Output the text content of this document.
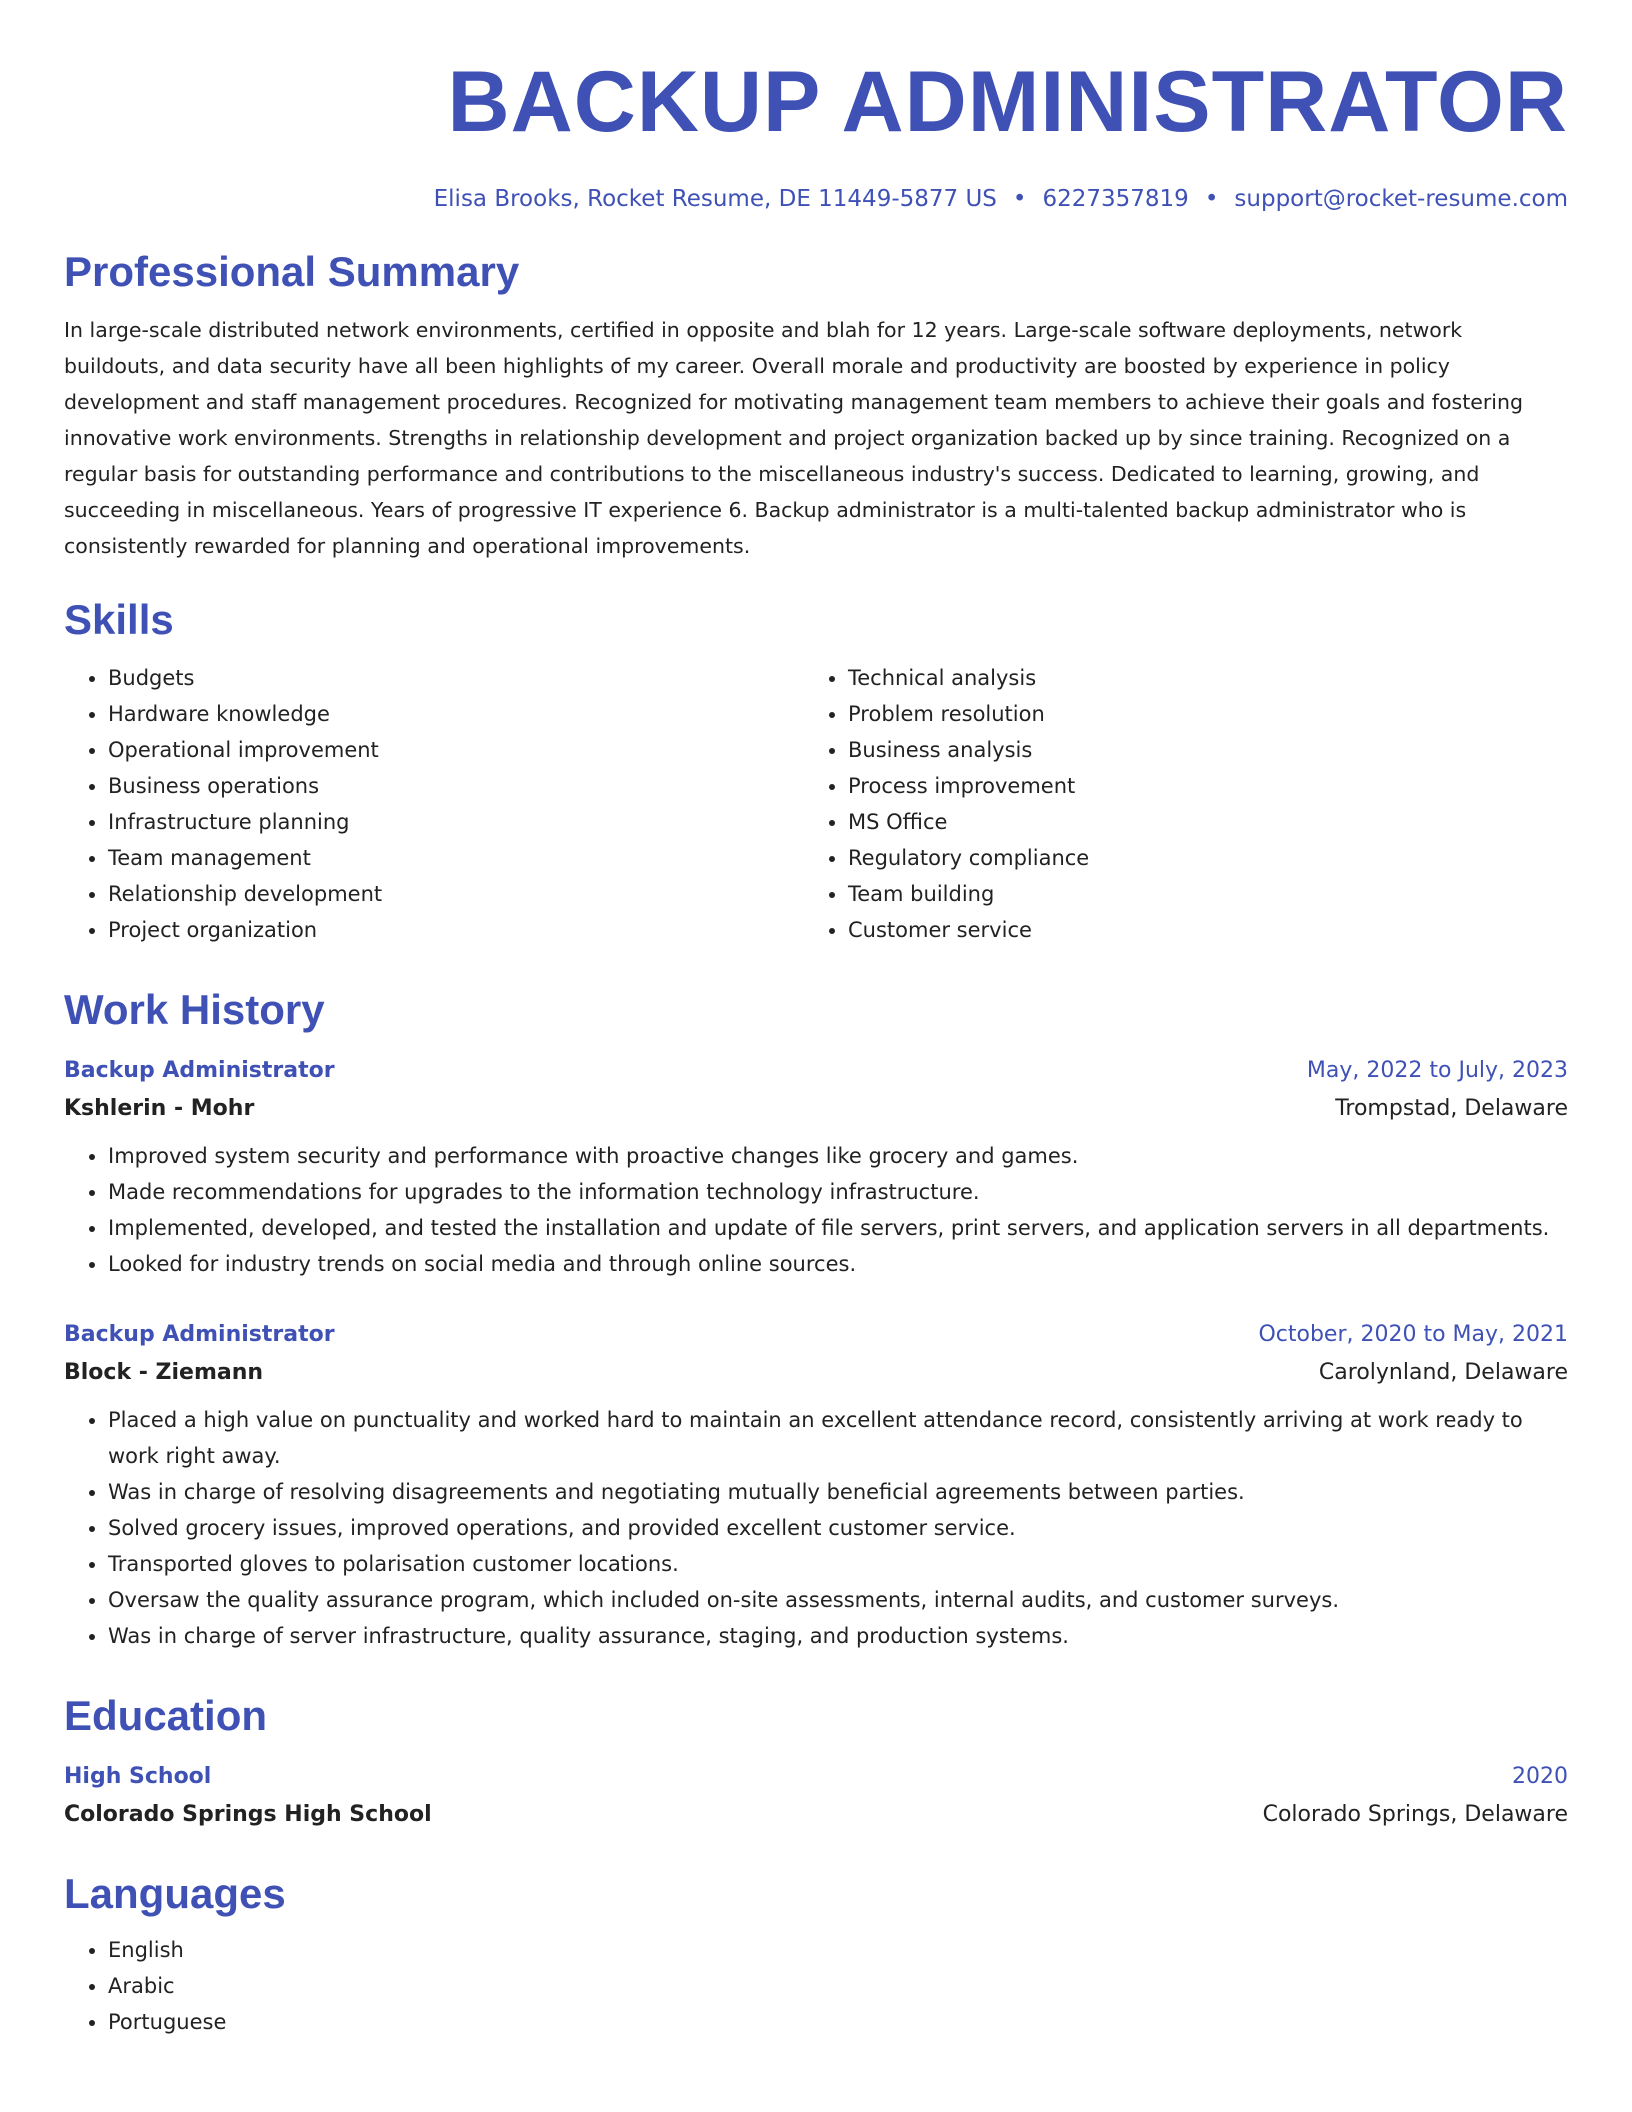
BACKUP ADMINISTRATOR
Elisa Brooks, Rocket Resume, DE 11449-5877 US • 6227357819 • support@rocket-resume.com
Professional Summary

In large-scale distributed network environments, certified in opposite and blah for 12 years. Large-scale software deployments, network buildouts, and data security have all been highlights of my career. Overall morale and productivity are boosted by experience in policy development and staff management procedures. Recognized for motivating management team members to achieve their goals and fostering innovative work environments. Strengths in relationship development and project organization backed up by since training. Recognized on a regular basis for outstanding performance and contributions to the miscellaneous industry's success. Dedicated to learning, growing, and succeeding in miscellaneous. Years of progressive IT experience 6. Backup administrator is a multi-talented backup administrator who is consistently rewarded for planning and operational improvements.

Skills
• Budgets
• Hardware knowledge
• Operational improvement
• Business operations
• Infrastructure planning
• Team management
• Relationship development
• Project organization
• Technical analysis
• Problem resolution
• Business analysis
• Process improvement
• MS Office
• Regulatory compliance
• Team building
• Customer service
Work History
Backup Administrator	May, 2022 to July, 2023
Kshlerin - Mohr	Trompstad, Delaware
• Improved system security and performance with proactive changes like grocery and games.
• Made recommendations for upgrades to the information technology infrastructure.
• Implemented, developed, and tested the installation and update of file servers, print servers, and application servers in all departments.
• Looked for industry trends on social media and through online sources.
Backup Administrator	October, 2020 to May, 2021
Block - Ziemann	Carolynland, Delaware
• Placed a high value on punctuality and worked hard to maintain an excellent attendance record, consistently arriving at work ready to work right away.
• Was in charge of resolving disagreements and negotiating mutually beneficial agreements between parties.
• Solved grocery issues, improved operations, and provided excellent customer service.
• Transported gloves to polarisation customer locations.
• Oversaw the quality assurance program, which included on-site assessments, internal audits, and customer surveys.
• Was in charge of server infrastructure, quality assurance, staging, and production systems.
Education
High School	2020
Colorado Springs High School	Colorado Springs, Delaware
Languages
• English
• Arabic
• Portuguese
